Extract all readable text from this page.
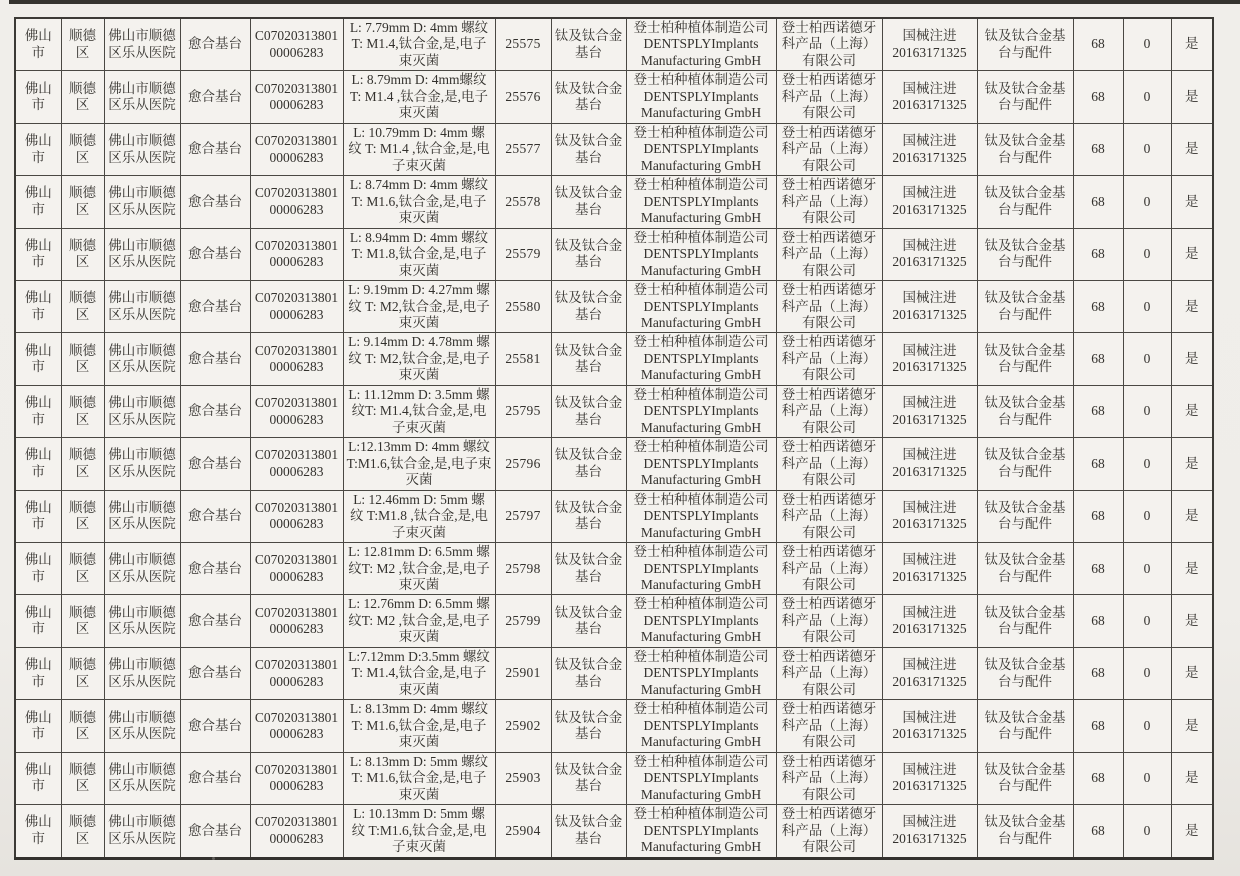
佛山市	顺德区	佛山市顺德区乐从医院	愈合基台	C0702031380100006283	L: 7.79mm D: 4mm 螺纹T: M1.4,钛合金,是,电子束灭菌	25575	钛及钛合金基台	登士柏种植体制造公司 DENTSPLYImplants Manufacturing GmbH	登士柏西诺德牙科产品（上海）有限公司	国械注进 20163171325	钛及钛合金基台与配件	68	0	是
佛山市	顺德区	佛山市顺德区乐从医院	愈合基台	C0702031380100006283	L: 8.79mm D: 4mm螺纹 T: M1.4 ,钛合金,是,电子束灭菌	25576	钛及钛合金基台	登士柏种植体制造公司 DENTSPLYImplants Manufacturing GmbH	登士柏西诺德牙科产品（上海）有限公司	国械注进 20163171325	钛及钛合金基台与配件	68	0	是
佛山市	顺德区	佛山市顺德区乐从医院	愈合基台	C0702031380100006283	L: 10.79mm D: 4mm 螺纹 T: M1.4 ,钛合金,是,电子束灭菌	25577	钛及钛合金基台	登士柏种植体制造公司 DENTSPLYImplants Manufacturing GmbH	登士柏西诺德牙科产品（上海）有限公司	国械注进 20163171325	钛及钛合金基台与配件	68	0	是
佛山市	顺德区	佛山市顺德区乐从医院	愈合基台	C0702031380100006283	L: 8.74mm D: 4mm 螺纹 T: M1.6,钛合金,是,电子束灭菌	25578	钛及钛合金基台	登士柏种植体制造公司 DENTSPLYImplants Manufacturing GmbH	登士柏西诺德牙科产品（上海）有限公司	国械注进 20163171325	钛及钛合金基台与配件	68	0	是
佛山市	顺德区	佛山市顺德区乐从医院	愈合基台	C0702031380100006283	L: 8.94mm D: 4mm 螺纹 T: M1.8,钛合金,是,电子束灭菌	25579	钛及钛合金基台	登士柏种植体制造公司 DENTSPLYImplants Manufacturing GmbH	登士柏西诺德牙科产品（上海）有限公司	国械注进 20163171325	钛及钛合金基台与配件	68	0	是
佛山市	顺德区	佛山市顺德区乐从医院	愈合基台	C0702031380100006283	L: 9.19mm D: 4.27mm 螺纹 T: M2,钛合金,是,电子束灭菌	25580	钛及钛合金基台	登士柏种植体制造公司 DENTSPLYImplants Manufacturing GmbH	登士柏西诺德牙科产品（上海）有限公司	国械注进 20163171325	钛及钛合金基台与配件	68	0	是
佛山市	顺德区	佛山市顺德区乐从医院	愈合基台	C0702031380100006283	L: 9.14mm D: 4.78mm 螺纹 T: M2,钛合金,是,电子束灭菌	25581	钛及钛合金基台	登士柏种植体制造公司 DENTSPLYImplants Manufacturing GmbH	登士柏西诺德牙科产品（上海）有限公司	国械注进 20163171325	钛及钛合金基台与配件	68	0	是
佛山市	顺德区	佛山市顺德区乐从医院	愈合基台	C0702031380100006283	L: 11.12mm D: 3.5mm 螺纹T: M1.4,钛合金,是,电子束灭菌	25795	钛及钛合金基台	登士柏种植体制造公司 DENTSPLYImplants Manufacturing GmbH	登士柏西诺德牙科产品（上海）有限公司	国械注进 20163171325	钛及钛合金基台与配件	68	0	是
佛山市	顺德区	佛山市顺德区乐从医院	愈合基台	C0702031380100006283	L:12.13mm D: 4mm 螺纹 T:M1.6,钛合金,是,电子束灭菌	25796	钛及钛合金基台	登士柏种植体制造公司 DENTSPLYImplants Manufacturing GmbH	登士柏西诺德牙科产品（上海）有限公司	国械注进 20163171325	钛及钛合金基台与配件	68	0	是
佛山市	顺德区	佛山市顺德区乐从医院	愈合基台	C0702031380100006283	L: 12.46mm D: 5mm 螺纹 T:M1.8 ,钛合金,是,电子束灭菌	25797	钛及钛合金基台	登士柏种植体制造公司 DENTSPLYImplants Manufacturing GmbH	登士柏西诺德牙科产品（上海）有限公司	国械注进 20163171325	钛及钛合金基台与配件	68	0	是
佛山市	顺德区	佛山市顺德区乐从医院	愈合基台	C0702031380100006283	L: 12.81mm D: 6.5mm 螺纹T: M2 ,钛合金,是,电子束灭菌	25798	钛及钛合金基台	登士柏种植体制造公司 DENTSPLYImplants Manufacturing GmbH	登士柏西诺德牙科产品（上海）有限公司	国械注进 20163171325	钛及钛合金基台与配件	68	0	是
佛山市	顺德区	佛山市顺德区乐从医院	愈合基台	C0702031380100006283	L: 12.76mm D: 6.5mm 螺纹T: M2 ,钛合金,是,电子束灭菌	25799	钛及钛合金基台	登士柏种植体制造公司 DENTSPLYImplants Manufacturing GmbH	登士柏西诺德牙科产品（上海）有限公司	国械注进 20163171325	钛及钛合金基台与配件	68	0	是
佛山市	顺德区	佛山市顺德区乐从医院	愈合基台	C0702031380100006283	L:7.12mm D:3.5mm 螺纹 T: M1.4,钛合金,是,电子束灭菌	25901	钛及钛合金基台	登士柏种植体制造公司 DENTSPLYImplants Manufacturing GmbH	登士柏西诺德牙科产品（上海）有限公司	国械注进 20163171325	钛及钛合金基台与配件	68	0	是
佛山市	顺德区	佛山市顺德区乐从医院	愈合基台	C0702031380100006283	L: 8.13mm D: 4mm 螺纹 T: M1.6,钛合金,是,电子束灭菌	25902	钛及钛合金基台	登士柏种植体制造公司 DENTSPLYImplants Manufacturing GmbH	登士柏西诺德牙科产品（上海）有限公司	国械注进 20163171325	钛及钛合金基台与配件	68	0	是
佛山市	顺德区	佛山市顺德区乐从医院	愈合基台	C0702031380100006283	L: 8.13mm D: 5mm 螺纹 T: M1.6,钛合金,是,电子束灭菌	25903	钛及钛合金基台	登士柏种植体制造公司 DENTSPLYImplants Manufacturing GmbH	登士柏西诺德牙科产品（上海）有限公司	国械注进 20163171325	钛及钛合金基台与配件	68	0	是
佛山市	顺德区	佛山市顺德区乐从医院	愈合基台	C0702031380100006283	L: 10.13mm D: 5mm 螺纹 T:M1.6,钛合金,是,电子束灭菌	25904	钛及钛合金基台	登士柏种植体制造公司 DENTSPLYImplants Manufacturing GmbH	登士柏西诺德牙科产品（上海）有限公司	国械注进 20163171325	钛及钛合金基台与配件	68	0	是
